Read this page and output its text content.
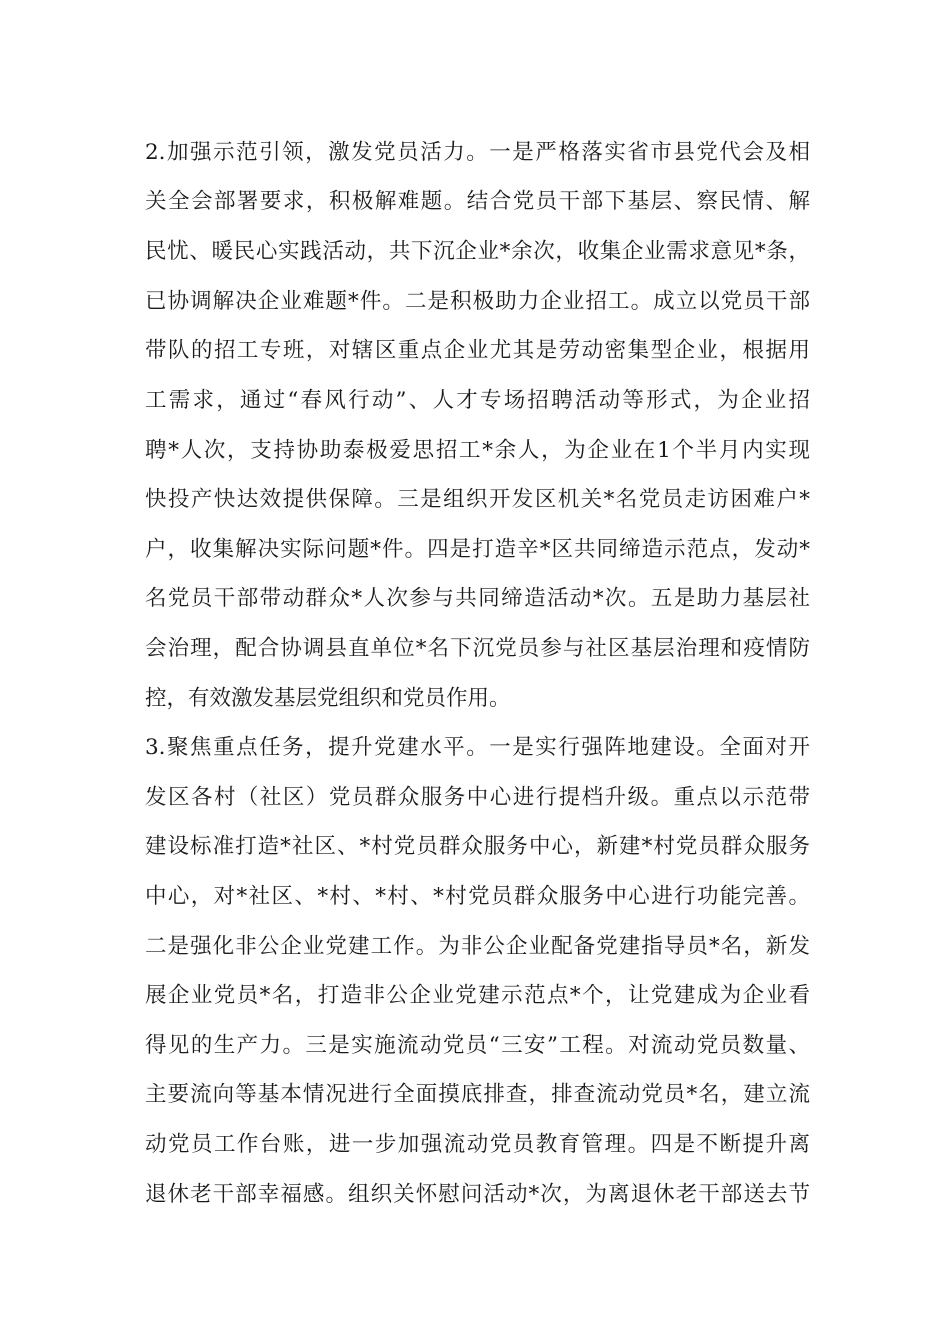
2.加强示范引领，激发党员活力。一是严格落实省市县党代会及相
关全会部署要求，积极解难题。结合党员干部下基层、察民情、解
民忧、暖民心实践活动，共下沉企业*余次，收集企业需求意见*条，
已协调解决企业难题*件。二是积极助力企业招工。成立以党员干部
带队的招工专班，对辖区重点企业尤其是劳动密集型企业，根据用
工需求，通过“春风行动”、人才专场招聘活动等形式，为企业招
聘*人次，支持协助泰极爱思招工*余人，为企业在1个半月内实现
快投产快达效提供保障。三是组织开发区机关*名党员走访困难户*
户，收集解决实际问题*件。四是打造辛*区共同缔造示范点，发动*
名党员干部带动群众*人次参与共同缔造活动*次。五是助力基层社
会治理，配合协调县直单位*名下沉党员参与社区基层治理和疫情防
控，有效激发基层党组织和党员作用。
3.聚焦重点任务，提升党建水平。一是实行强阵地建设。全面对开
发区各村（社区）党员群众服务中心进行提档升级。重点以示范带
建设标准打造*社区、*村党员群众服务中心，新建*村党员群众服务
中心，对*社区、*村、*村、*村党员群众服务中心进行功能完善。
二是强化非公企业党建工作。为非公企业配备党建指导员*名，新发
展企业党员*名，打造非公企业党建示范点*个，让党建成为企业看
得见的生产力。三是实施流动党员“三安”工程。对流动党员数量、
主要流向等基本情况进行全面摸底排查，排查流动党员*名，建立流
动党员工作台账，进一步加强流动党员教育管理。四是不断提升离
退休老干部幸福感。组织关怀慰问活动*次，为离退休老干部送去节
